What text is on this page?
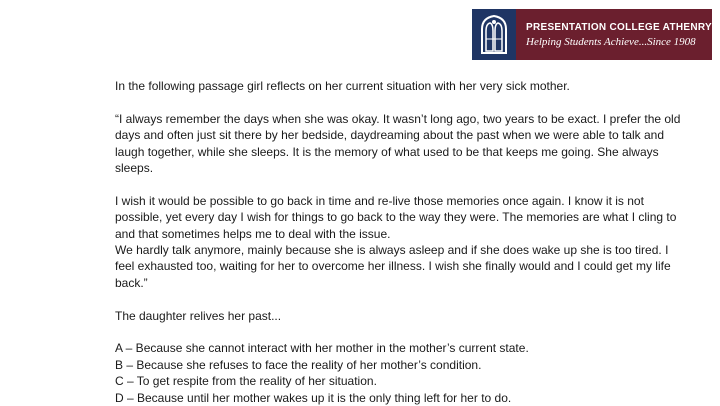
PRESENTATION COLLEGE ATHENRY
Helping Students Achieve...Since 1908

In the following passage girl reflects on her current situation with her very sick mother.

“I always remember the days when she was okay. It wasn’t long ago, two years to be exact. I prefer the old days and often just sit there by her bedside, daydreaming about the past when we were able to talk and laugh together, while she sleeps. It is the memory of what used to be that keeps me going. She always sleeps.

I wish it would be possible to go back in time and re-live those memories once again. I know it is not possible, yet every day I wish for things to go back to the way they were. The memories are what I cling to and that sometimes helps me to deal with the issue.

We hardly talk anymore, mainly because she is always asleep and if she does wake up she is too tired. I feel exhausted too, waiting for her to overcome her illness. I wish she finally would and I could get my life back.”

The daughter relives her past...

A – Because she cannot interact with her mother in the mother’s current state.

B – Because she refuses to face the reality of her mother’s condition.

C – To get respite from the reality of her situation.

D – Because until her mother wakes up it is the only thing left for her to do.
